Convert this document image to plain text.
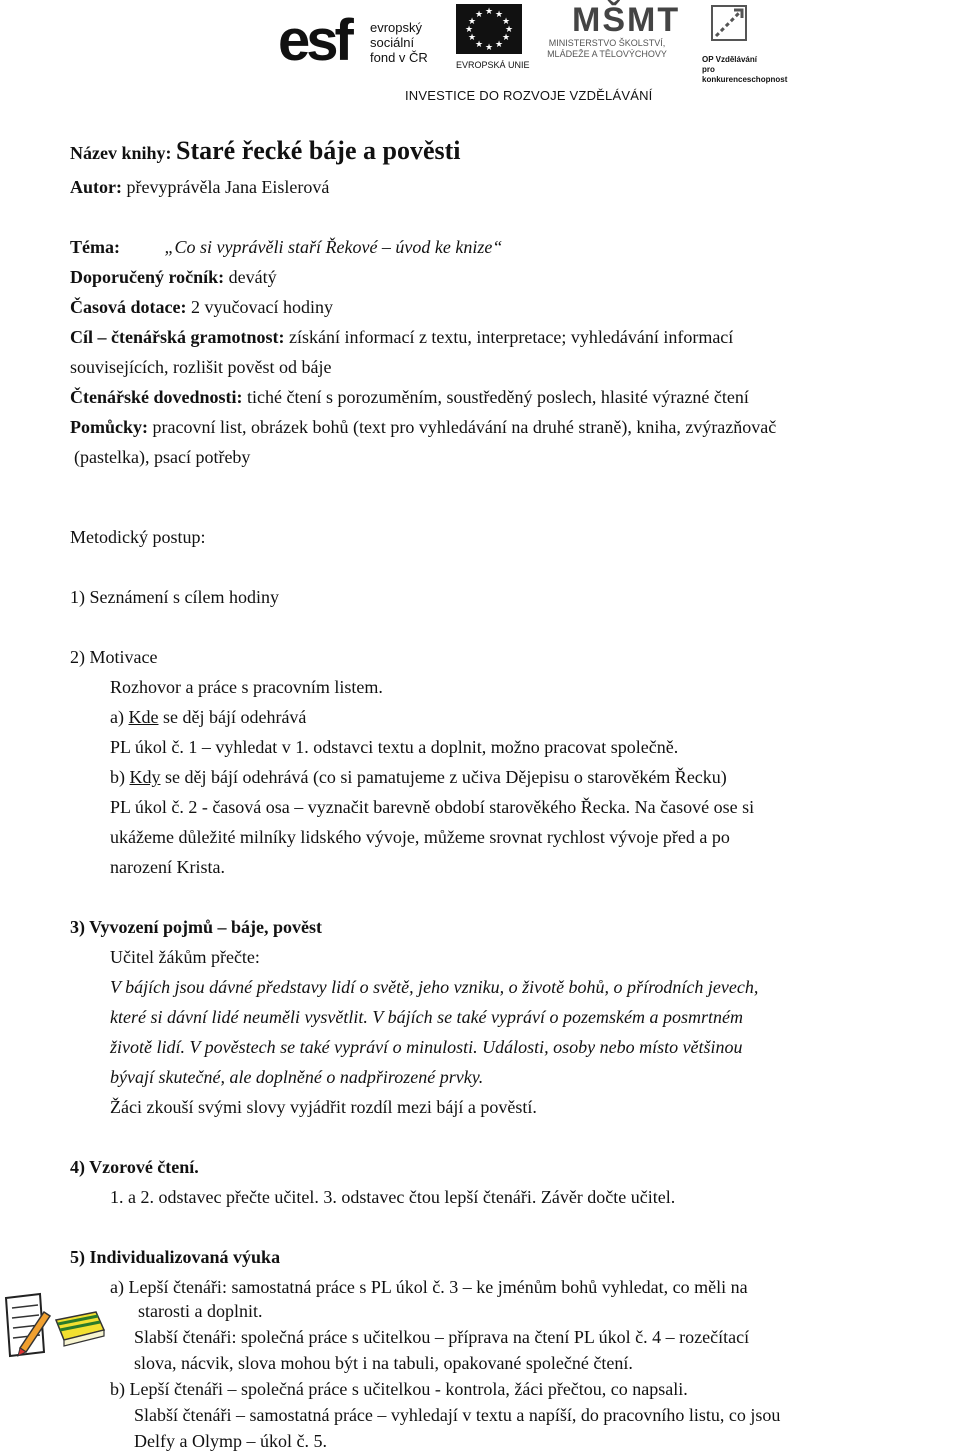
esf evropský
sociální
fond v ČR
★ ★
★
★
★
★
★
★
★
★
★
★
EVROPSKÁ UNIE
MŠMT
MINISTERSTVO ŠKOLSTVÍ,
MLÁDEŽE A TĚLOVÝCHOVY
OP Vzdělávání
pro konkurenceschopnost
INVESTICE DO ROZVOJE VZDĚLÁVÁNÍ
Název knihy: Staré řecké báje a pověsti
Autor: převyprávěla Jana Eislerová
Téma: „Co si vyprávěli staří Řekové – úvod ke knize“
Doporučený ročník: devátý
Časová dotace: 2 vyučovací hodiny
Cíl – čtenářská gramotnost: získání informací z textu, interpretace; vyhledávání informací
souvisejících, rozlišit pověst od báje
Čtenářské dovednosti: tiché čtení s porozuměním, soustředěný poslech, hlasité výrazné čtení
Pomůcky: pracovní list, obrázek bohů (text pro vyhledávání na druhé straně), kniha, zvýrazňovač
(pastelka), psací potřeby
Metodický postup:
1) Seznámení s cílem hodiny
2) Motivace
Rozhovor a práce s pracovním listem.
a) Kde se děj bájí odehrává
PL úkol č. 1 – vyhledat v 1. odstavci textu a doplnit, možno pracovat společně.
b) Kdy se děj bájí odehrává (co si pamatujeme z učiva Dějepisu o starověkém Řecku)
PL úkol č. 2 - časová osa – vyznačit barevně období starověkého Řecka. Na časové ose si
ukážeme důležité milníky lidského vývoje, můžeme srovnat rychlost vývoje před a po
narození Krista.
3) Vyvození pojmů – báje, pověst
Učitel žákům přečte:
V bájích jsou dávné představy lidí o světě, jeho vzniku, o životě bohů, o přírodních jevech,
které si dávní lidé neuměli vysvětlit. V bájích se také vypráví o pozemském a posmrtném
životě lidí. V pověstech se také vypráví o minulosti. Události, osoby nebo místo většinou
bývají skutečné, ale doplněné o nadpřirozené prvky.
Žáci zkouší svými slovy vyjádřit rozdíl mezi bájí a pověstí.
4) Vzorové čtení.
1. a 2. odstavec přečte učitel. 3. odstavec čtou lepší čtenáři. Závěr dočte učitel.
5) Individualizovaná výuka
a) Lepší čtenáři: samostatná práce s PL úkol č. 3 – ke jménům bohů vyhledat, co měli na
starosti a doplnit.
Slabší čtenáři: společná práce s učitelkou – příprava na čtení PL úkol č. 4 – rozečítací
slova, nácvik, slova mohou být i na tabuli, opakované společné čtení.
b) Lepší čtenáři – společná práce s učitelkou - kontrola, žáci přečtou, co napsali.
Slabší čtenáři – samostatná práce – vyhledají v textu a napíší, do pracovního listu, co jsou
Delfy a Olymp – úkol č. 5.
